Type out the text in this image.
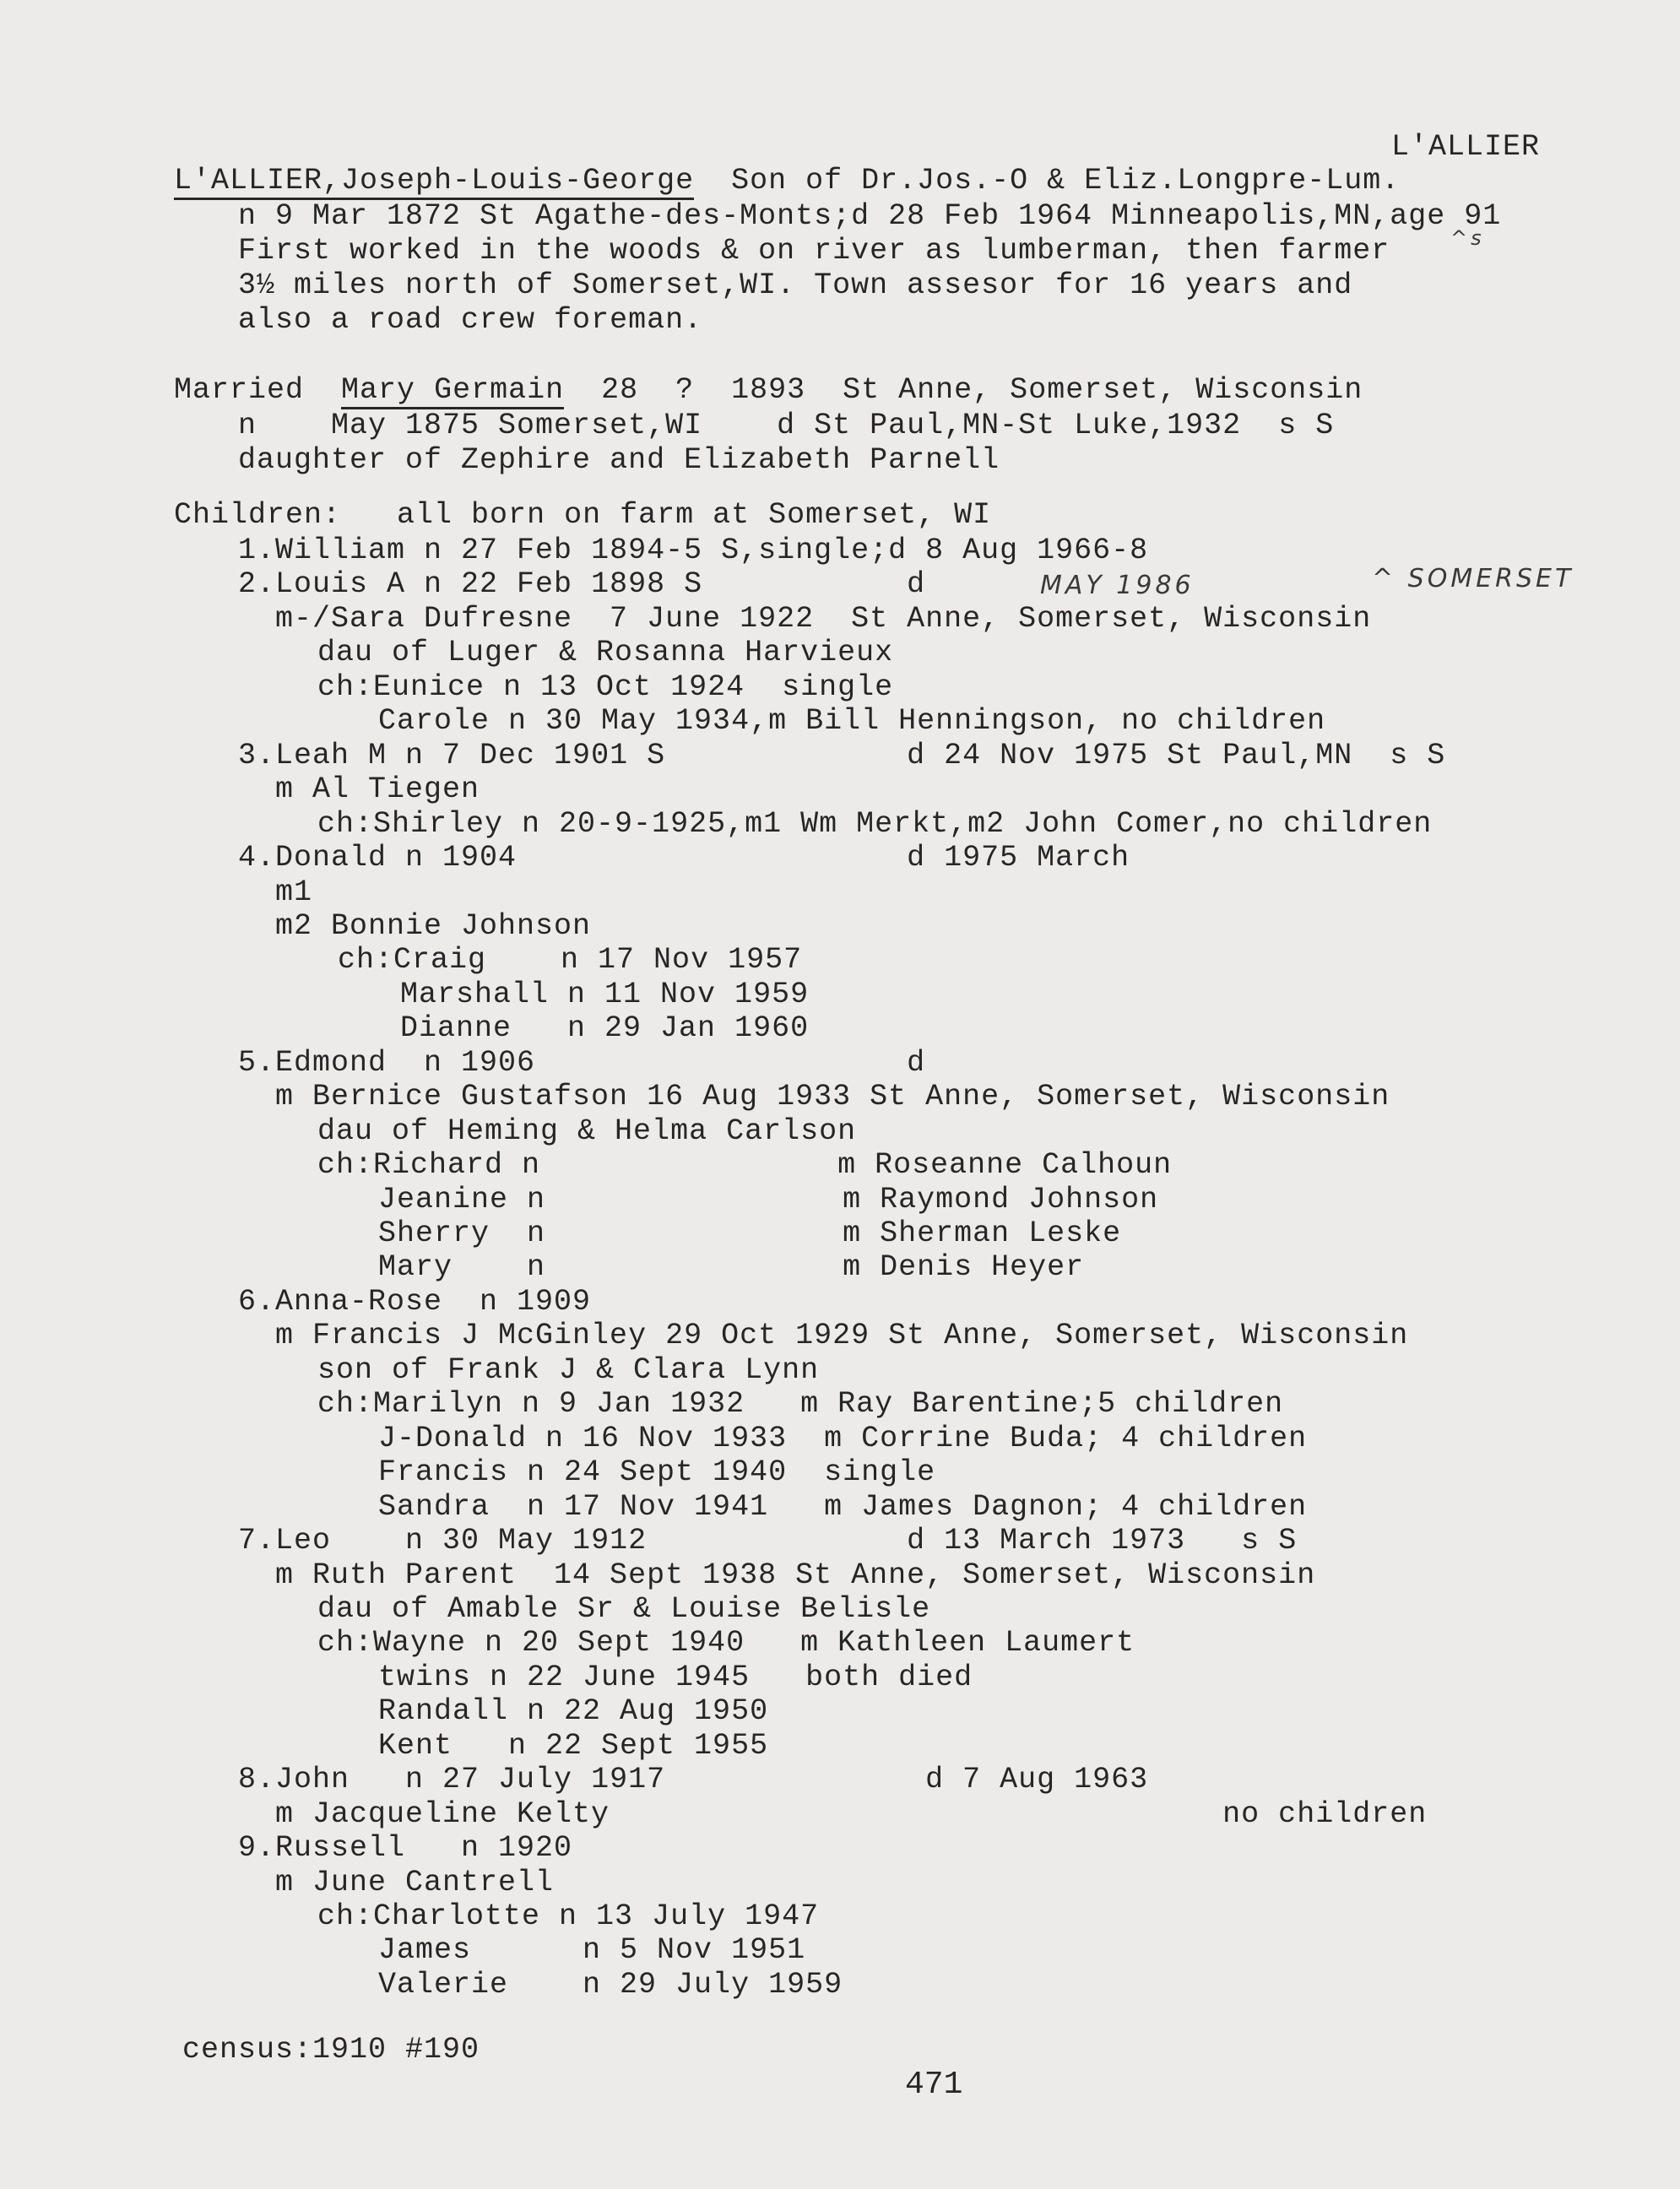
L'ALLIER
L'ALLIER,Joseph-Louis-George Son of Dr.Jos.-O & Eliz.Longpre-Lum.
n 9 Mar 1872 St Agathe-des-Monts;d 28 Feb 1964 Minneapolis,MN,age 91
First worked in the woods & on river as lumberman, then farmer	^s
3½ miles north of Somerset,WI. Town assesor for 16 years and
also a road crew foreman.
Married Mary Germain 28  ?  1893  St Anne, Somerset, Wisconsin
n    May 1875 Somerset,WI    d St Paul,MN-St Luke,1932  s S
daughter of Zephire and Elizabeth Parnell
Children:   all born on farm at Somerset, WI
1.William n 27 Feb 1894-5 S,single;d 8 Aug 1966-8
2.Louis A n 22 Feb 1898 S           d
m-/Sara Dufresne  7 June 1922  St Anne, Somerset, Wisconsin
dau of Luger & Rosanna Harvieux
ch:Eunice n 13 Oct 1924  single
Carole n 30 May 1934,m Bill Henningson, no children
3.Leah M n 7 Dec 1901 S             d 24 Nov 1975 St Paul,MN  s S
m Al Tiegen
ch:Shirley n 20-9-1925,m1 Wm Merkt,m2 John Comer,no children
4.Donald n 1904                     d 1975 March
m1
m2 Bonnie Johnson
ch:Craig    n 17 Nov 1957
Marshall n 11 Nov 1959
Dianne   n 29 Jan 1960
5.Edmond  n 1906                    d
m Bernice Gustafson 16 Aug 1933 St Anne, Somerset, Wisconsin
dau of Heming & Helma Carlson
ch:Richard n                m Roseanne Calhoun
Jeanine n                m Raymond Johnson
Sherry  n                m Sherman Leske
Mary    n                m Denis Heyer
6.Anna-Rose  n 1909
m Francis J McGinley 29 Oct 1929 St Anne, Somerset, Wisconsin
son of Frank J & Clara Lynn
ch:Marilyn n 9 Jan 1932   m Ray Barentine;5 children
J-Donald n 16 Nov 1933  m Corrine Buda; 4 children
Francis n 24 Sept 1940  single
Sandra  n 17 Nov 1941   m James Dagnon; 4 children
7.Leo    n 30 May 1912              d 13 March 1973   s S
m Ruth Parent  14 Sept 1938 St Anne, Somerset, Wisconsin
dau of Amable Sr & Louise Belisle
ch:Wayne n 20 Sept 1940   m Kathleen Laumert
twins n 22 June 1945   both died
Randall n 22 Aug 1950
Kent   n 22 Sept 1955
8.John   n 27 July 1917              d 7 Aug 1963
m Jacqueline Kelty                                 no children
9.Russell   n 1920
m June Cantrell
ch:Charlotte n 13 July 1947
James      n 5 Nov 1951
Valerie    n 29 July 1959
MAY 1986	^ SOMERSET
census:1910 #190
471
